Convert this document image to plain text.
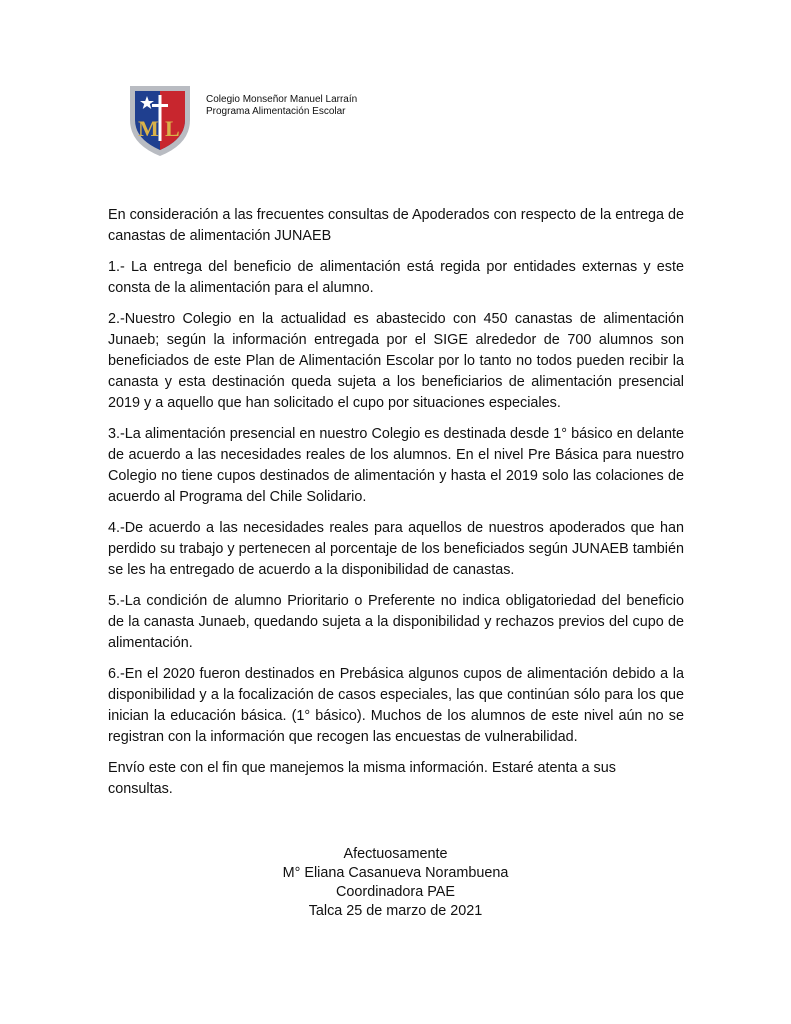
M L
Colegio Monseñor Manuel Larraín
Programa Alimentación Escolar

En consideración a las frecuentes consultas de Apoderados con respecto de la entrega de canastas de alimentación JUNAEB

1.- La entrega del beneficio de alimentación está regida por entidades externas y este consta de la alimentación para el alumno.

2.-Nuestro Colegio en la actualidad es abastecido con 450 canastas de alimentación Junaeb; según la información entregada por el SIGE alrededor de 700 alumnos son beneficiados de este Plan de Alimentación Escolar por lo tanto no todos pueden recibir la canasta y esta destinación queda sujeta a los beneficiarios de alimentación presencial 2019 y a aquello que han solicitado el cupo por situaciones especiales.

3.-La alimentación presencial en nuestro Colegio es destinada desde 1° básico en delante de acuerdo a las necesidades reales de los alumnos. En el nivel Pre Básica para nuestro Colegio no tiene cupos destinados de alimentación y hasta el 2019 solo las colaciones de acuerdo al Programa del Chile Solidario.

4.-De acuerdo a las necesidades reales para aquellos de nuestros apoderados que han perdido su trabajo y pertenecen al porcentaje de los beneficiados según JUNAEB también se les ha entregado de acuerdo a la disponibilidad de canastas.

5.-La condición de alumno Prioritario o Preferente no indica obligatoriedad del beneficio de la canasta Junaeb, quedando sujeta a la disponibilidad y rechazos previos del cupo de alimentación.

6.-En el 2020 fueron destinados en Prebásica algunos cupos de alimentación debido a la disponibilidad y a la focalización de casos especiales, las que continúan sólo para los que inician la educación básica. (1° básico). Muchos de los alumnos de este nivel aún no se registran con la información que recogen las encuestas de vulnerabilidad.

Envío este con el fin que manejemos la misma información. Estaré atenta a sus consultas.

Afectuosamente
M° Eliana Casanueva Norambuena
Coordinadora PAE
Talca 25 de marzo de 2021
